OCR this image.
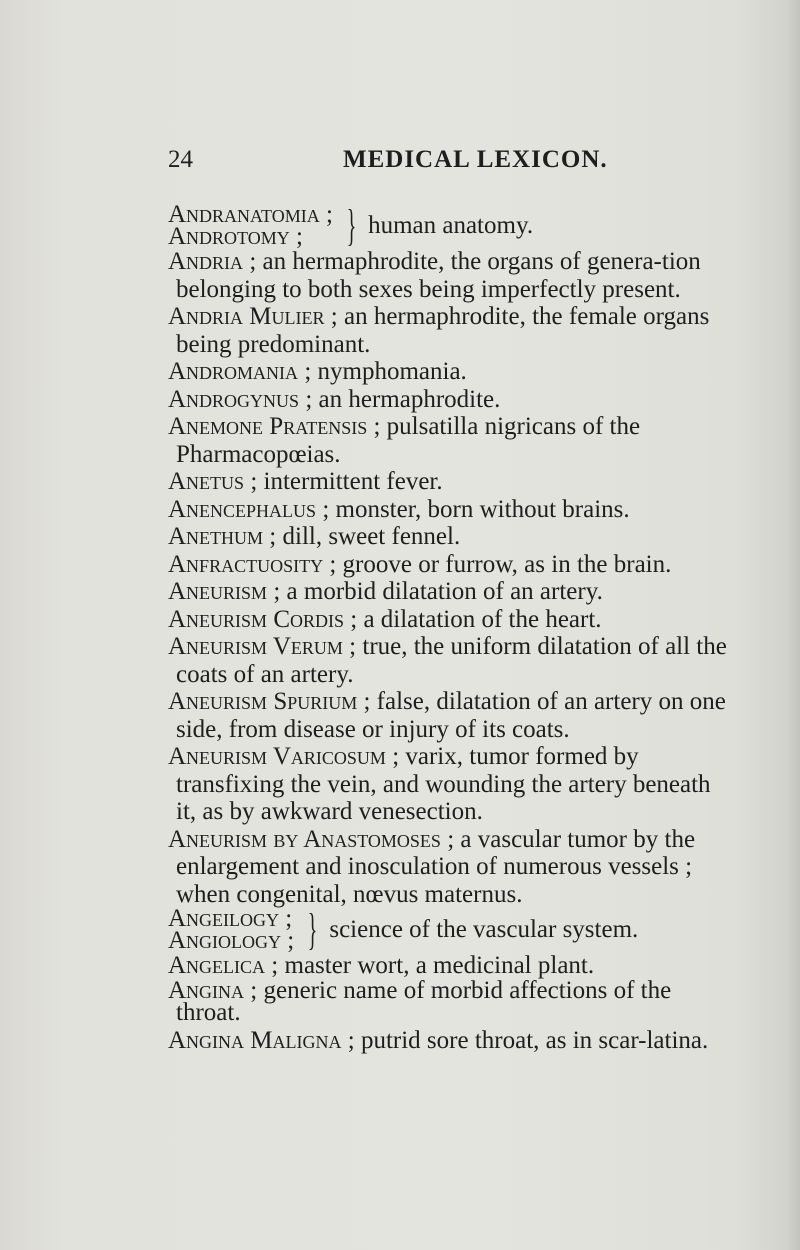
24	MEDICAL LEXICON.
Andranatomia ;
Androtomy ; } human anatomy.
Andria ; an hermaphrodite, the organs of genera-tion belonging to both sexes being imperfectly present.
Andria Mulier ; an hermaphrodite, the female organs being predominant.
Andromania ; nymphomania.
Androgynus ; an hermaphrodite.
Anemone Pratensis ; pulsatilla nigricans of the Pharmacopœias.
Anetus ; intermittent fever.
Anencephalus ; monster, born without brains.
Anethum ; dill, sweet fennel.
Anfractuosity ; groove or furrow, as in the brain.
Aneurism ; a morbid dilatation of an artery.
Aneurism Cordis ; a dilatation of the heart.
Aneurism Verum ; true, the uniform dilatation of all the coats of an artery.
Aneurism Spurium ; false, dilatation of an artery on one side, from disease or injury of its coats.
Aneurism Varicosum ; varix, tumor formed by transfixing the vein, and wounding the artery beneath it, as by awkward venesection.
Aneurism by Anastomoses ; a vascular tumor by the enlargement and inosculation of numerous vessels ; when congenital, nœvus maternus.
Angeilogy ;
Angiology ; } science of the vascular system.
Angelica ; master wort, a medicinal plant.
Angina ; generic name of morbid affections of the throat.
Angina Maligna ; putrid sore throat, as in scar-latina.
